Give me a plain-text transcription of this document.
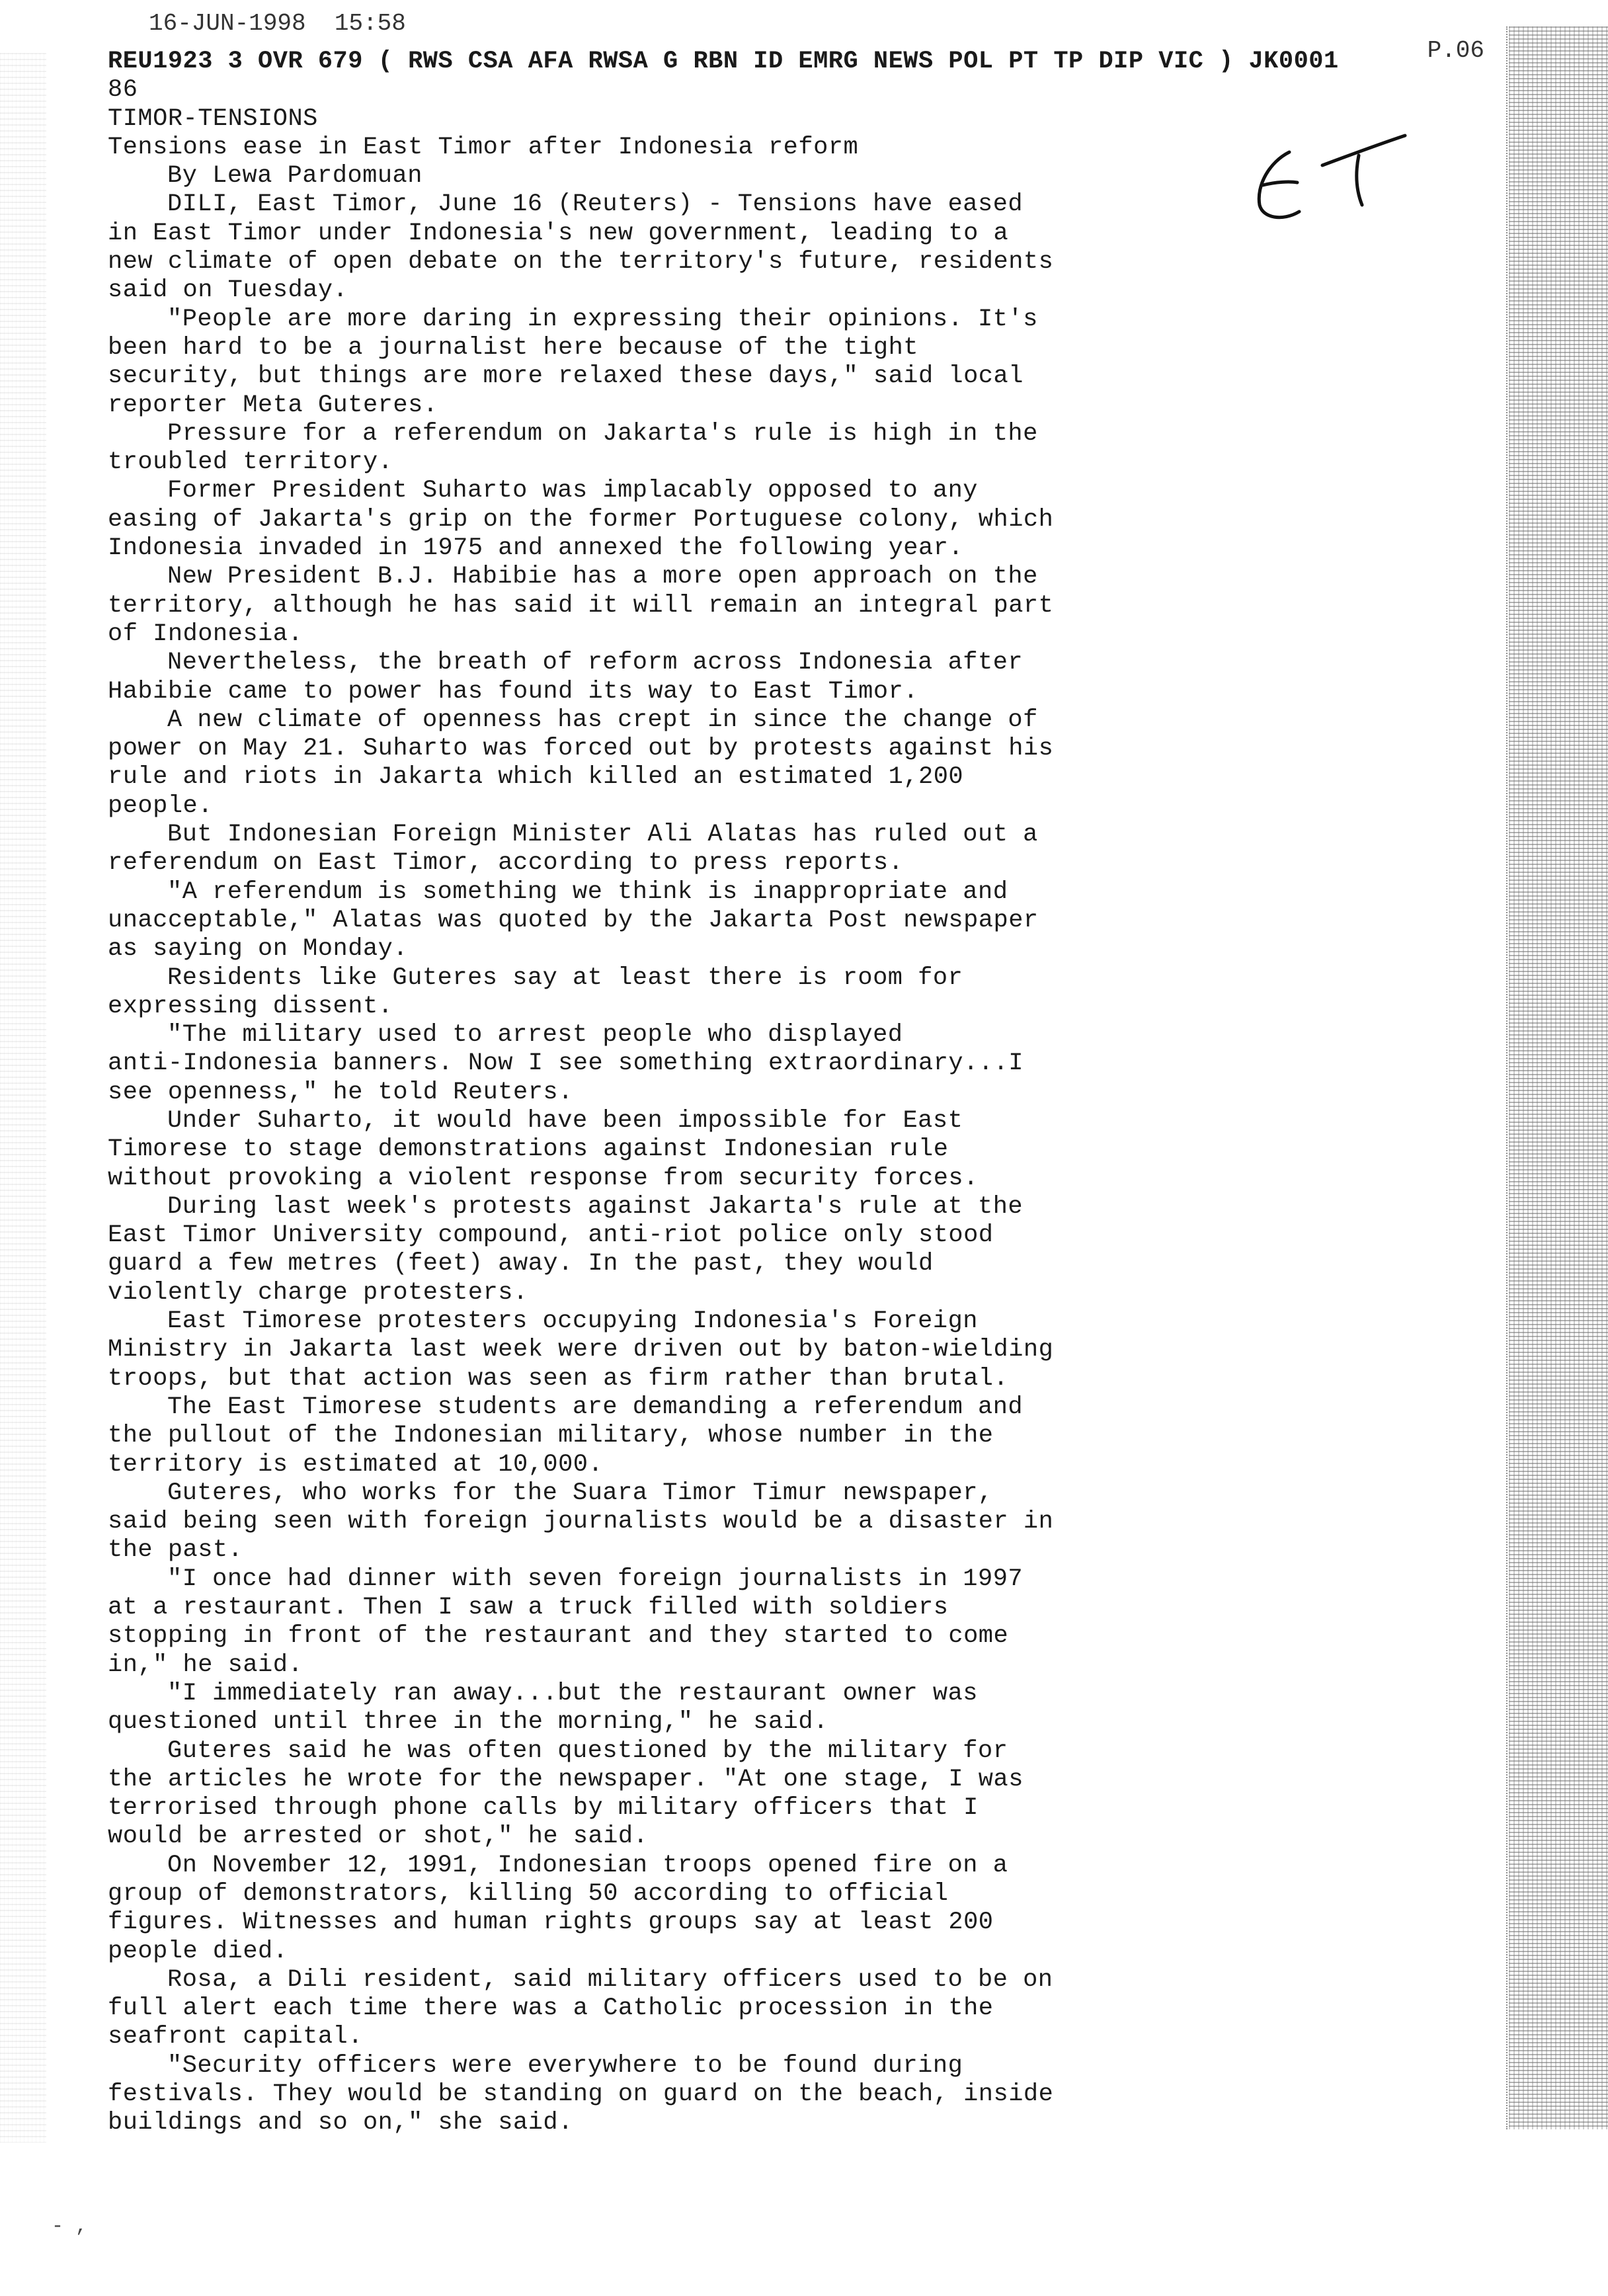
16-JUN-1998  15:58

P.06

REU1923 3 OVR 679 ( RWS CSA AFA RWSA G RBN ID EMRG NEWS POL PT TP DIP VIC ) JK0001
86
TIMOR-TENSIONS
Tensions ease in East Timor after Indonesia reform
By Lewa Pardomuan
DILI, East Timor, June 16 (Reuters) - Tensions have eased
in East Timor under Indonesia's new government, leading to a
new climate of open debate on the territory's future, residents
said on Tuesday.
"People are more daring in expressing their opinions. It's
been hard to be a journalist here because of the tight
security, but things are more relaxed these days," said local
reporter Meta Guteres.
Pressure for a referendum on Jakarta's rule is high in the
troubled territory.
Former President Suharto was implacably opposed to any
easing of Jakarta's grip on the former Portuguese colony, which
Indonesia invaded in 1975 and annexed the following year.
New President B.J. Habibie has a more open approach on the
territory, although he has said it will remain an integral part
of Indonesia.
Nevertheless, the breath of reform across Indonesia after
Habibie came to power has found its way to East Timor.
A new climate of openness has crept in since the change of
power on May 21. Suharto was forced out by protests against his
rule and riots in Jakarta which killed an estimated 1,200
people.
But Indonesian Foreign Minister Ali Alatas has ruled out a
referendum on East Timor, according to press reports.
"A referendum is something we think is inappropriate and
unacceptable," Alatas was quoted by the Jakarta Post newspaper
as saying on Monday.
Residents like Guteres say at least there is room for
expressing dissent.
"The military used to arrest people who displayed
anti-Indonesia banners. Now I see something extraordinary...I
see openness," he told Reuters.
Under Suharto, it would have been impossible for East
Timorese to stage demonstrations against Indonesian rule
without provoking a violent response from security forces.
During last week's protests against Jakarta's rule at the
East Timor University compound, anti-riot police only stood
guard a few metres (feet) away. In the past, they would
violently charge protesters.
East Timorese protesters occupying Indonesia's Foreign
Ministry in Jakarta last week were driven out by baton-wielding
troops, but that action was seen as firm rather than brutal.
The East Timorese students are demanding a referendum and
the pullout of the Indonesian military, whose number in the
territory is estimated at 10,000.
Guteres, who works for the Suara Timor Timur newspaper,
said being seen with foreign journalists would be a disaster in
the past.
"I once had dinner with seven foreign journalists in 1997
at a restaurant. Then I saw a truck filled with soldiers
stopping in front of the restaurant and they started to come
in," he said.
"I immediately ran away...but the restaurant owner was
questioned until three in the morning," he said.
Guteres said he was often questioned by the military for
the articles he wrote for the newspaper. "At one stage, I was
terrorised through phone calls by military officers that I
would be arrested or shot," he said.
On November 12, 1991, Indonesian troops opened fire on a
group of demonstrators, killing 50 according to official
figures. Witnesses and human rights groups say at least 200
people died.
Rosa, a Dili resident, said military officers used to be on
full alert each time there was a Catholic procession in the
seafront capital.
"Security officers were everywhere to be found during
festivals. They would be standing on guard on the beach, inside
buildings and so on," she said.
- ,
